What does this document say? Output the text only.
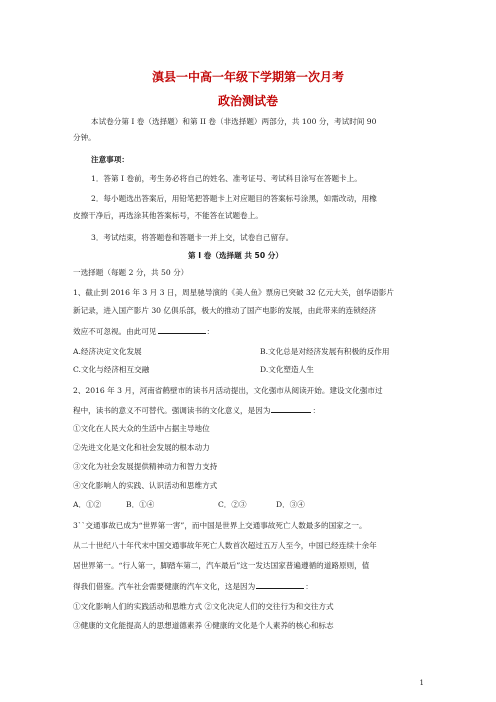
滇县一中高一年级下学期第一次月考
政治测试卷
本试卷分第 I 卷（选择题）和第 II 卷（非选择题）两部分，共 100 分，考试时间 90
分钟。
注意事项：
1．答第 I 卷前，考生务必将自己的姓名、准考证号、考试科目涂写在答题卡上。
2．每小题选出答案后，用铅笔把答题卡上对应题目的答案标号涂黑，如需改动，用橡
皮擦干净后，再选涂其他答案标号，不能答在试题卷上。
3．考试结束，将答题卷和答题卡一并上交，试卷自己留存。
第 I 卷（选择题 共 50 分）
一选择题（每题 2 分，共 50 分）
1、截止到 2016 年 3 月 3 日，周星驰导演的《美人鱼》票房已突破 32 亿元大关，创华语影片
新记录，进入国产影片 30 亿俱乐部，极大的推动了国产电影的发展，由此带来的连锁经济
效应不可忽视。由此可见	：
A.经济决定文化发展	B.文化总是对经济发展有积极的反作用
C.文化与经济相互交融	D.文化塑造人生
2、2016 年 3 月，河南省鹤壁市的读书月活动提出，文化强市从阅读开始。建设文化强市过
程中，读书的意义不可替代。强调读书的文化意义，是因为	：
①文化在人民大众的生活中占据主导地位
②先进文化是文化和社会发展的根本动力
③文化为社会发展提供精神动力和智力支持
④文化影响人的实践、认识活动和思维方式
A．①②	B．①④	C．②③	D．③④
3``交通事故已成为“世界第一害”，而中国是世界上交通事故死亡人数最多的国家之一。
从二十世纪八十年代末中国交通事故年死亡人数首次超过五万人至今，中国已经连续十余年
居世界第一。“行人第一，脚踏车第二，汽车最后”这一发达国家普遍遵循的道路原则，值
得我们借鉴。汽车社会需要健康的汽车文化，这是因为	：
①文化影响人们的实践活动和思维方式 ②文化决定人们的交往行为和交往方式
③健康的文化能提高人的思想道德素养 ④健康的文化是个人素养的核心和标志
1
